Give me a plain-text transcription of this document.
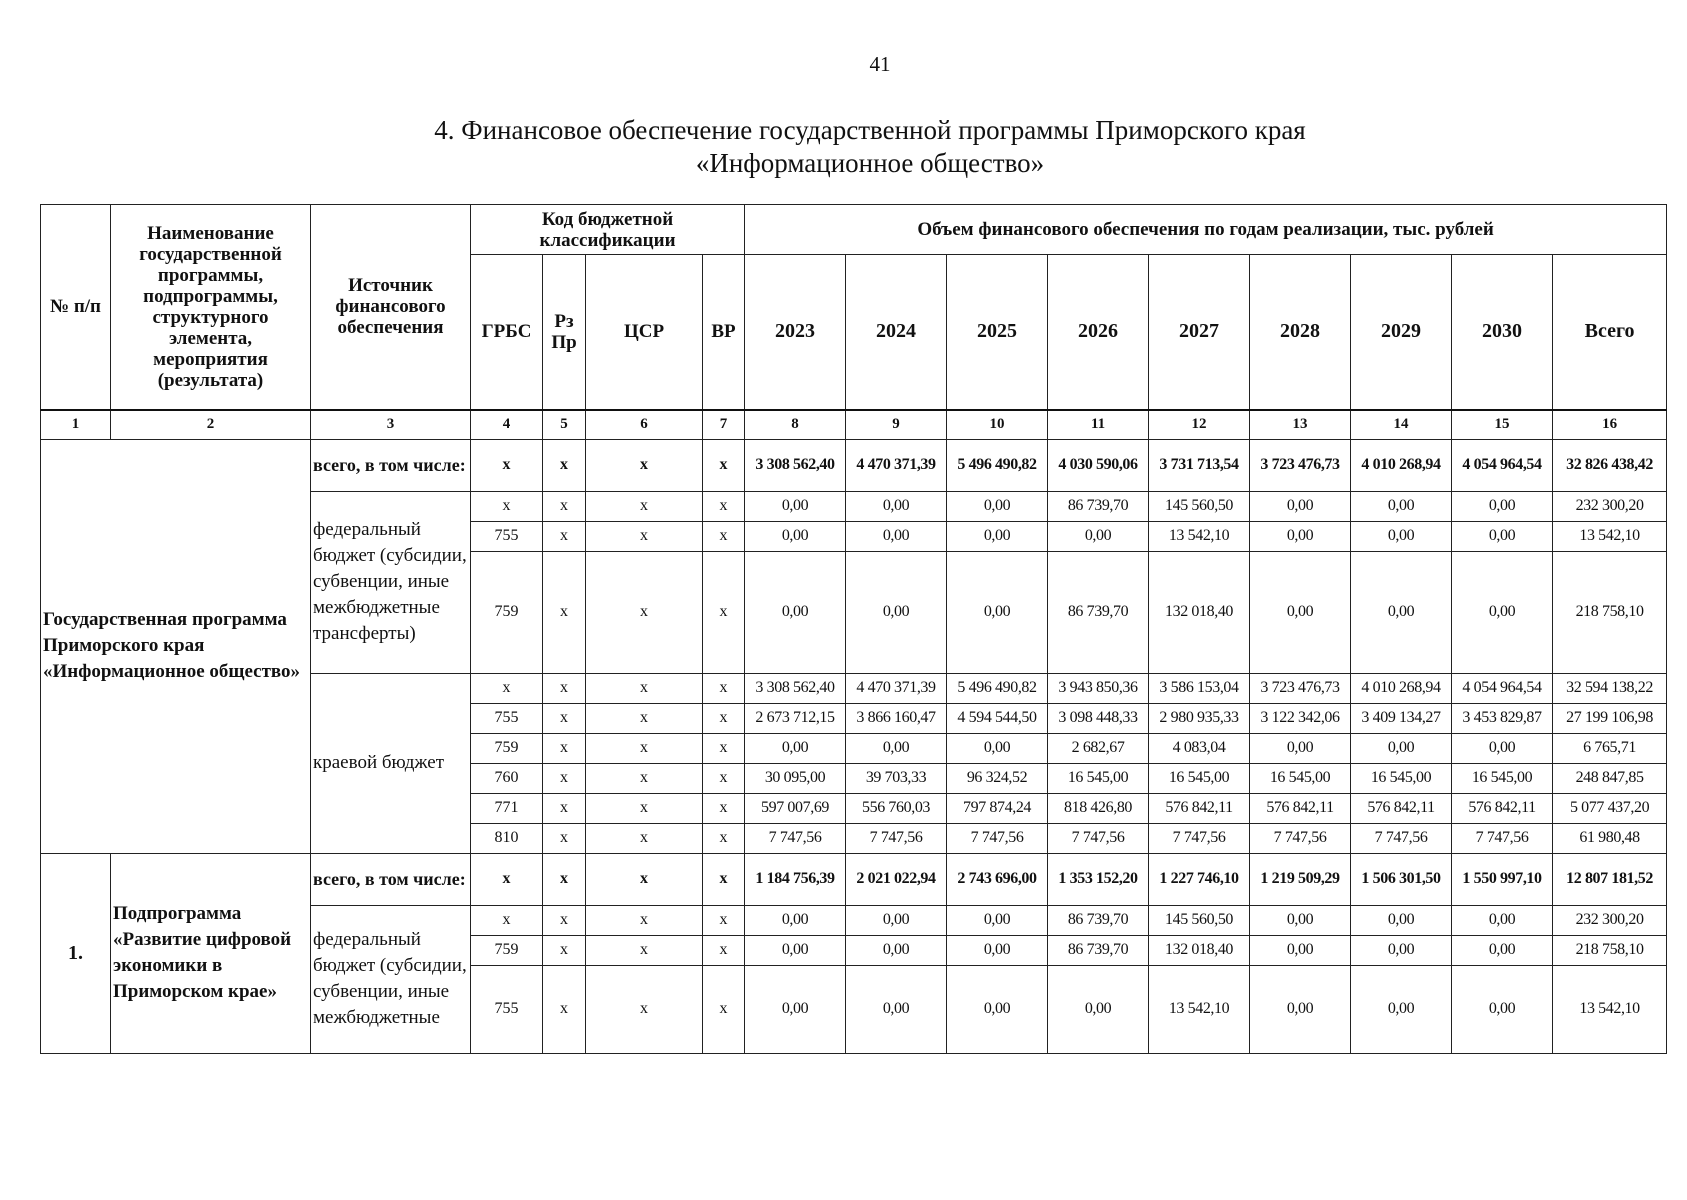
41
4. Финансовое обеспечение государственной программы Приморского края
«Информационное общество»
№ п/п	Наименование государственной программы, подпрограммы, структурного элемента, мероприятия (результата)	Источник финансового обеспечения	Код бюджетной классификации				Объем финансового обеспечения по годам реализации, тыс. рублей								
			ГРБС	Рз Пр	ЦСР	ВР	2023	2024	2025	2026	2027	2028	2029	2030	Всего
1	2	3	4	5	6	7	8	9	10	11	12	13	14	15	16
Государственная программа Приморского края «Информационное общество»		всего, в том числе:	х	х	х	х	3 308 562,40	4 470 371,39	5 496 490,82	4 030 590,06	3 731 713,54	3 723 476,73	4 010 268,94	4 054 964,54	32 826 438,42
		федеральный бюджет (субсидии, субвенции, иные межбюджетные трансферты)	х	х	х	х	0,00	0,00	0,00	86 739,70	145 560,50	0,00	0,00	0,00	232 300,20
			755	х	х	х	0,00	0,00	0,00	0,00	13 542,10	0,00	0,00	0,00	13 542,10
			759	х	х	х	0,00	0,00	0,00	86 739,70	132 018,40	0,00	0,00	0,00	218 758,10
		краевой бюджет	х	х	х	х	3 308 562,40	4 470 371,39	5 496 490,82	3 943 850,36	3 586 153,04	3 723 476,73	4 010 268,94	4 054 964,54	32 594 138,22
			755	х	х	х	2 673 712,15	3 866 160,47	4 594 544,50	3 098 448,33	2 980 935,33	3 122 342,06	3 409 134,27	3 453 829,87	27 199 106,98
			759	х	х	х	0,00	0,00	0,00	2 682,67	4 083,04	0,00	0,00	0,00	6 765,71
			760	х	х	х	30 095,00	39 703,33	96 324,52	16 545,00	16 545,00	16 545,00	16 545,00	16 545,00	248 847,85
			771	х	х	х	597 007,69	556 760,03	797 874,24	818 426,80	576 842,11	576 842,11	576 842,11	576 842,11	5 077 437,20
			810	х	х	х	7 747,56	7 747,56	7 747,56	7 747,56	7 747,56	7 747,56	7 747,56	7 747,56	61 980,48
1.	Подпрограмма «Развитие цифровой экономики в Приморском крае»	всего, в том числе:	х	х	х	х	1 184 756,39	2 021 022,94	2 743 696,00	1 353 152,20	1 227 746,10	1 219 509,29	1 506 301,50	1 550 997,10	12 807 181,52
		федеральный бюджет (субсидии, субвенции, иные межбюджетные	х	х	х	х	0,00	0,00	0,00	86 739,70	145 560,50	0,00	0,00	0,00	232 300,20
			759	х	х	х	0,00	0,00	0,00	86 739,70	132 018,40	0,00	0,00	0,00	218 758,10
			755	х	х	х	0,00	0,00	0,00	0,00	13 542,10	0,00	0,00	0,00	13 542,10
